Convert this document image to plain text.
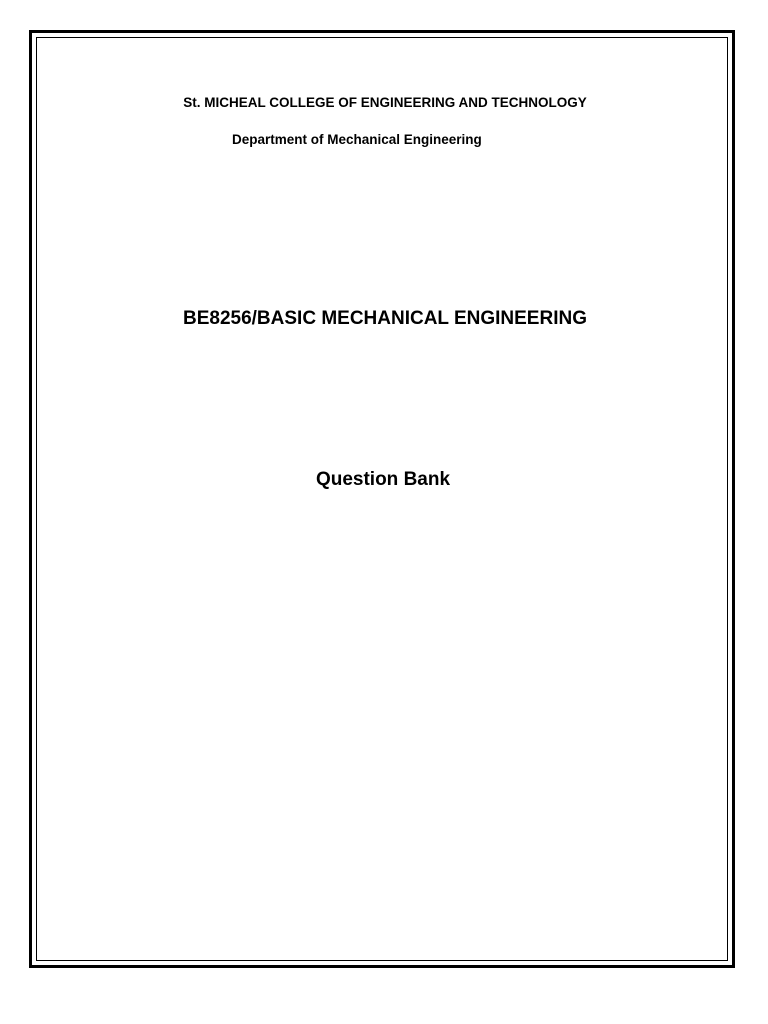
St. MICHEAL COLLEGE OF ENGINEERING AND TECHNOLOGY
Department of Mechanical Engineering
BE8256/BASIC MECHANICAL ENGINEERING
Question Bank
